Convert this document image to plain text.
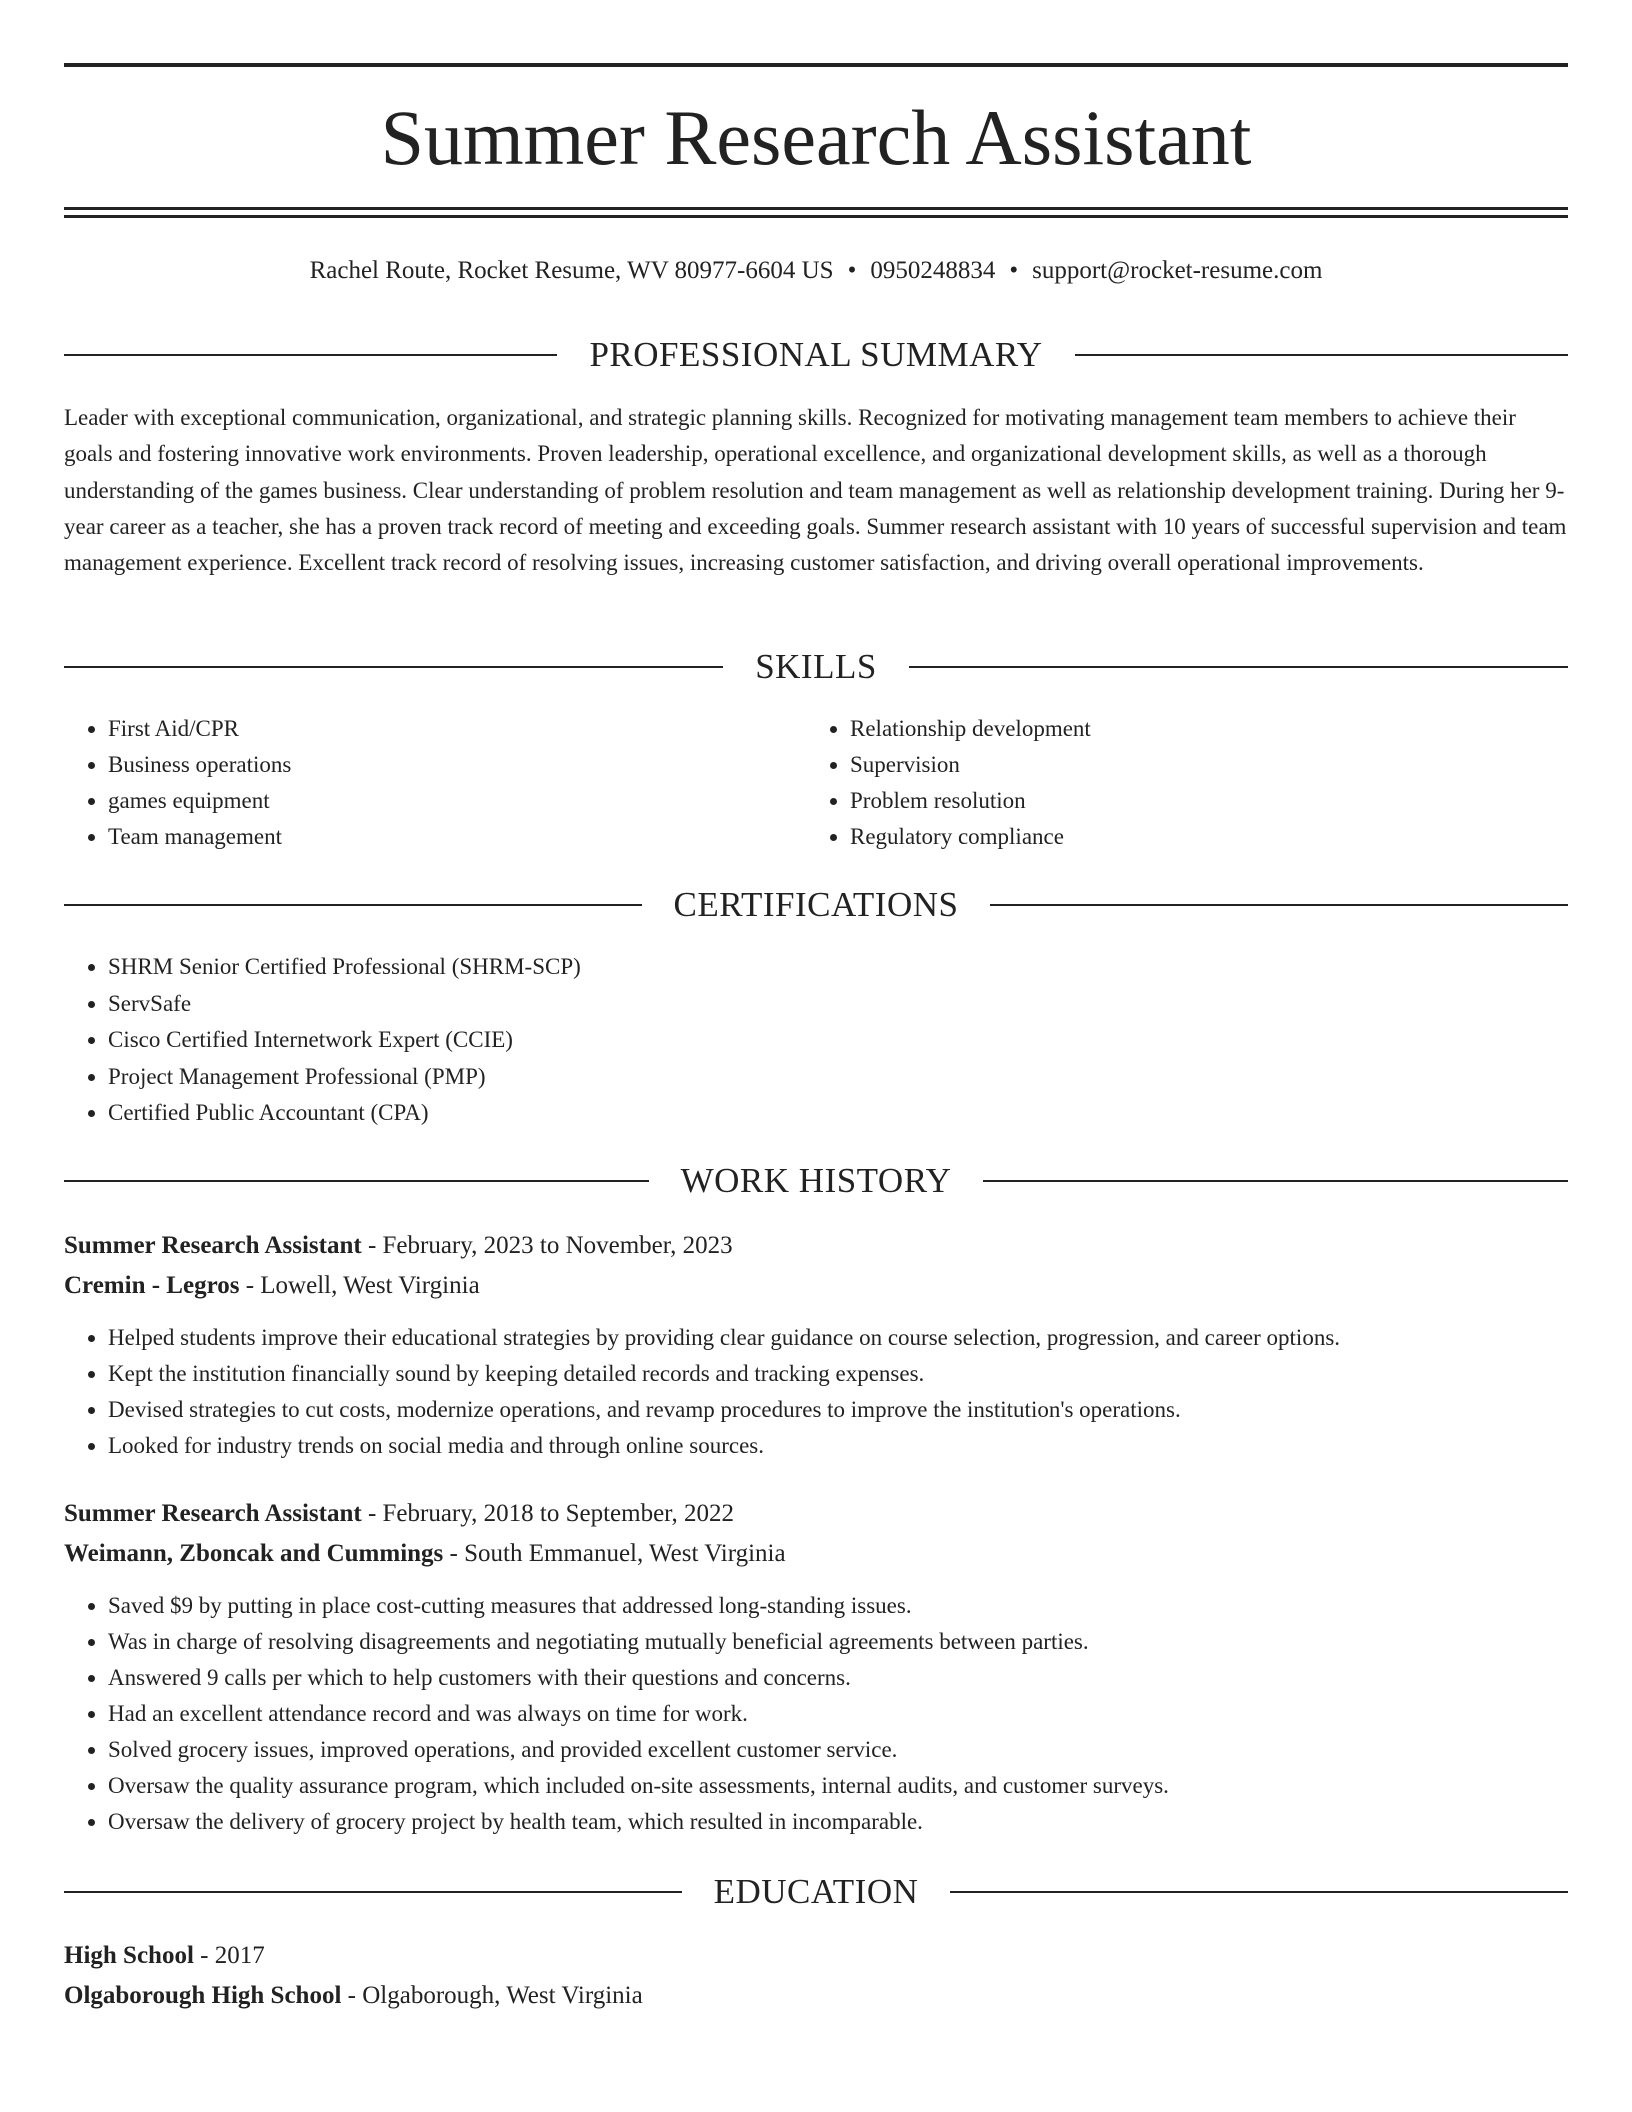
Summer Research Assistant
Rachel Route, Rocket Resume, WV 80977-6604 US • 0950248834 • support@rocket-resume.com
PROFESSIONAL SUMMARY

Leader with exceptional communication, organizational, and strategic planning skills. Recognized for motivating management team members to achieve their goals and fostering innovative work environments. Proven leadership, operational excellence, and organizational development skills, as well as a thorough understanding of the games business. Clear understanding of problem resolution and team management as well as relationship development training. During her 9-year career as a teacher, she has a proven track record of meeting and exceeding goals. Summer research assistant with 10 years of successful supervision and team management experience. Excellent track record of resolving issues, increasing customer satisfaction, and driving overall operational improvements.

SKILLS
• First Aid/CPR
• Business operations
• games equipment
• Team management
• Relationship development
• Supervision
• Problem resolution
• Regulatory compliance
CERTIFICATIONS
• SHRM Senior Certified Professional (SHRM-SCP)
• ServSafe
• Cisco Certified Internetwork Expert (CCIE)
• Project Management Professional (PMP)
• Certified Public Accountant (CPA)
WORK HISTORY
Summer Research Assistant - February, 2023 to November, 2023
Cremin - Legros - Lowell, West Virginia
• Helped students improve their educational strategies by providing clear guidance on course selection, progression, and career options.
• Kept the institution financially sound by keeping detailed records and tracking expenses.
• Devised strategies to cut costs, modernize operations, and revamp procedures to improve the institution's operations.
• Looked for industry trends on social media and through online sources.
Summer Research Assistant - February, 2018 to September, 2022
Weimann, Zboncak and Cummings - South Emmanuel, West Virginia
• Saved $9 by putting in place cost-cutting measures that addressed long-standing issues.
• Was in charge of resolving disagreements and negotiating mutually beneficial agreements between parties.
• Answered 9 calls per which to help customers with their questions and concerns.
• Had an excellent attendance record and was always on time for work.
• Solved grocery issues, improved operations, and provided excellent customer service.
• Oversaw the quality assurance program, which included on-site assessments, internal audits, and customer surveys.
• Oversaw the delivery of grocery project by health team, which resulted in incomparable.
EDUCATION
High School - 2017
Olgaborough High School - Olgaborough, West Virginia
